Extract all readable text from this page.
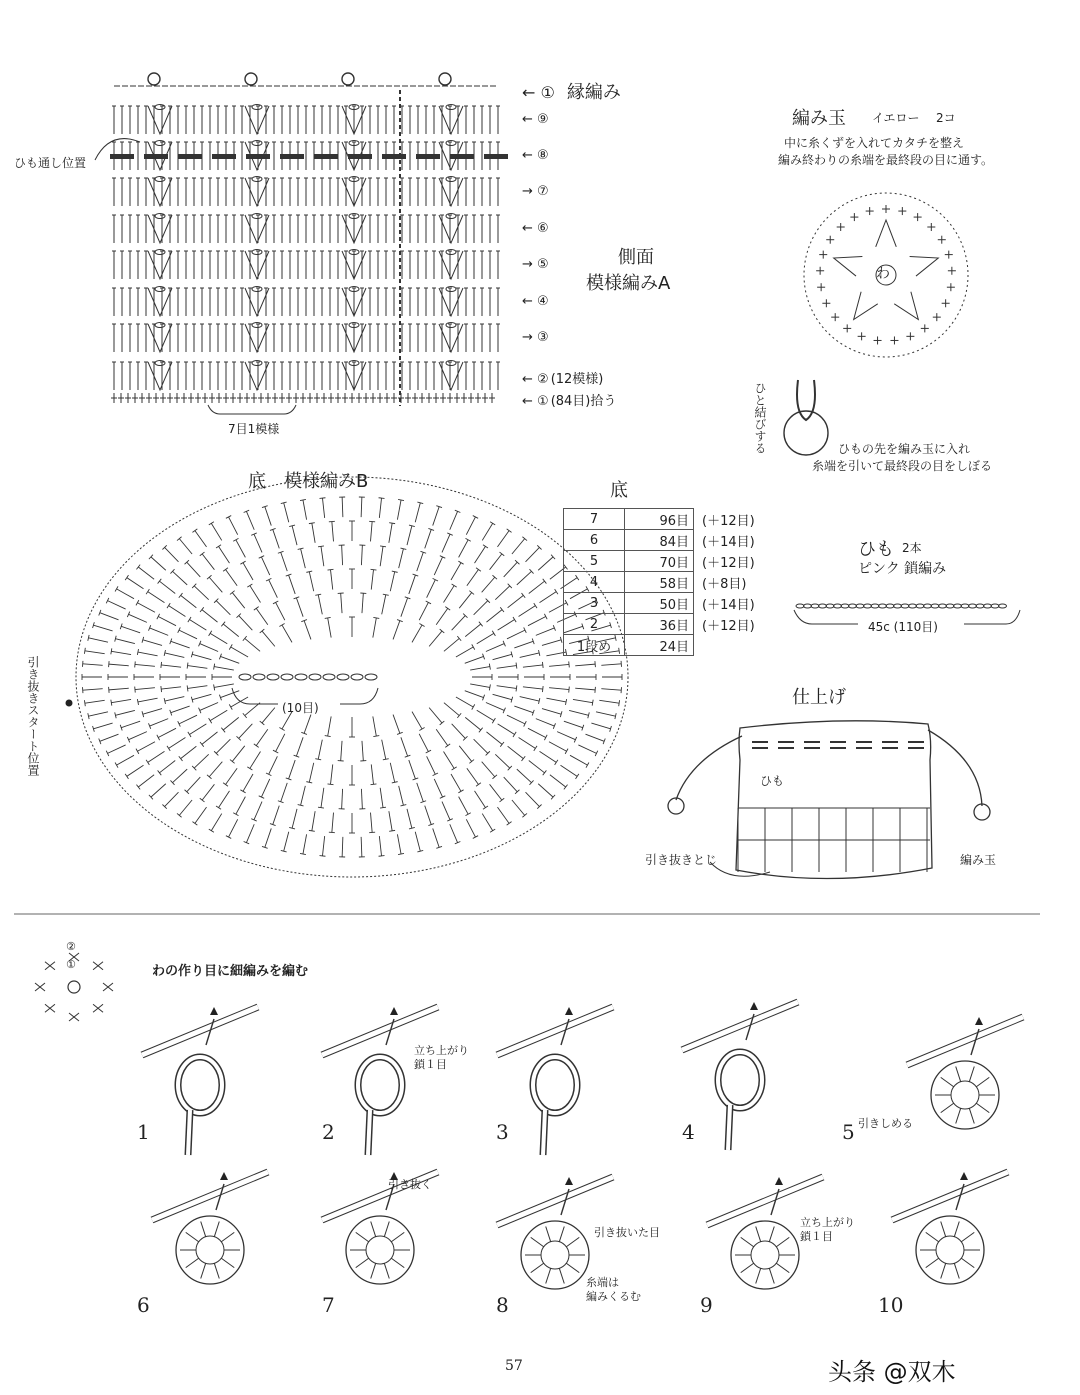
← ① 縁編み
← ⑨
← ⑧
→ ⑦
← ⑥
→ ⑤
← ④
→ ③
← ② (12模様)
← ① (84目)拾う
ひも通し位置
7目1模様
側面
模様編みA
編み玉 イエロー 2コ
中に糸くずを入れてカタチを整え
編み終わりの糸端を最終段の目に通す。
わ
ひと結びする	ひもの先を編み玉に入れ
糸端を引いて最終段の目をしぼる
底　模様編みB
(10目)
引き抜きスタート位置
底
7	96目	(＋12目)
6	84目	(＋14目)
5	70目	(＋12目)
4	58目	(＋8目)
3	50目	(＋14目)
2	36目	(＋12目)
1段め	24目	
ひも 2本
ピンク 鎖編み
45c (110目)
仕上げ
ひも
引き抜きとじ	編み玉
わの作り目に細編みを編む
②
①
1	2	3	4	5
6	7	8	9	10
立ち上がり
鎖１目
引きしめる
引き抜く
引き抜いた目
糸端は
編みくるむ
立ち上がり
鎖１目
57	头条 @双木
